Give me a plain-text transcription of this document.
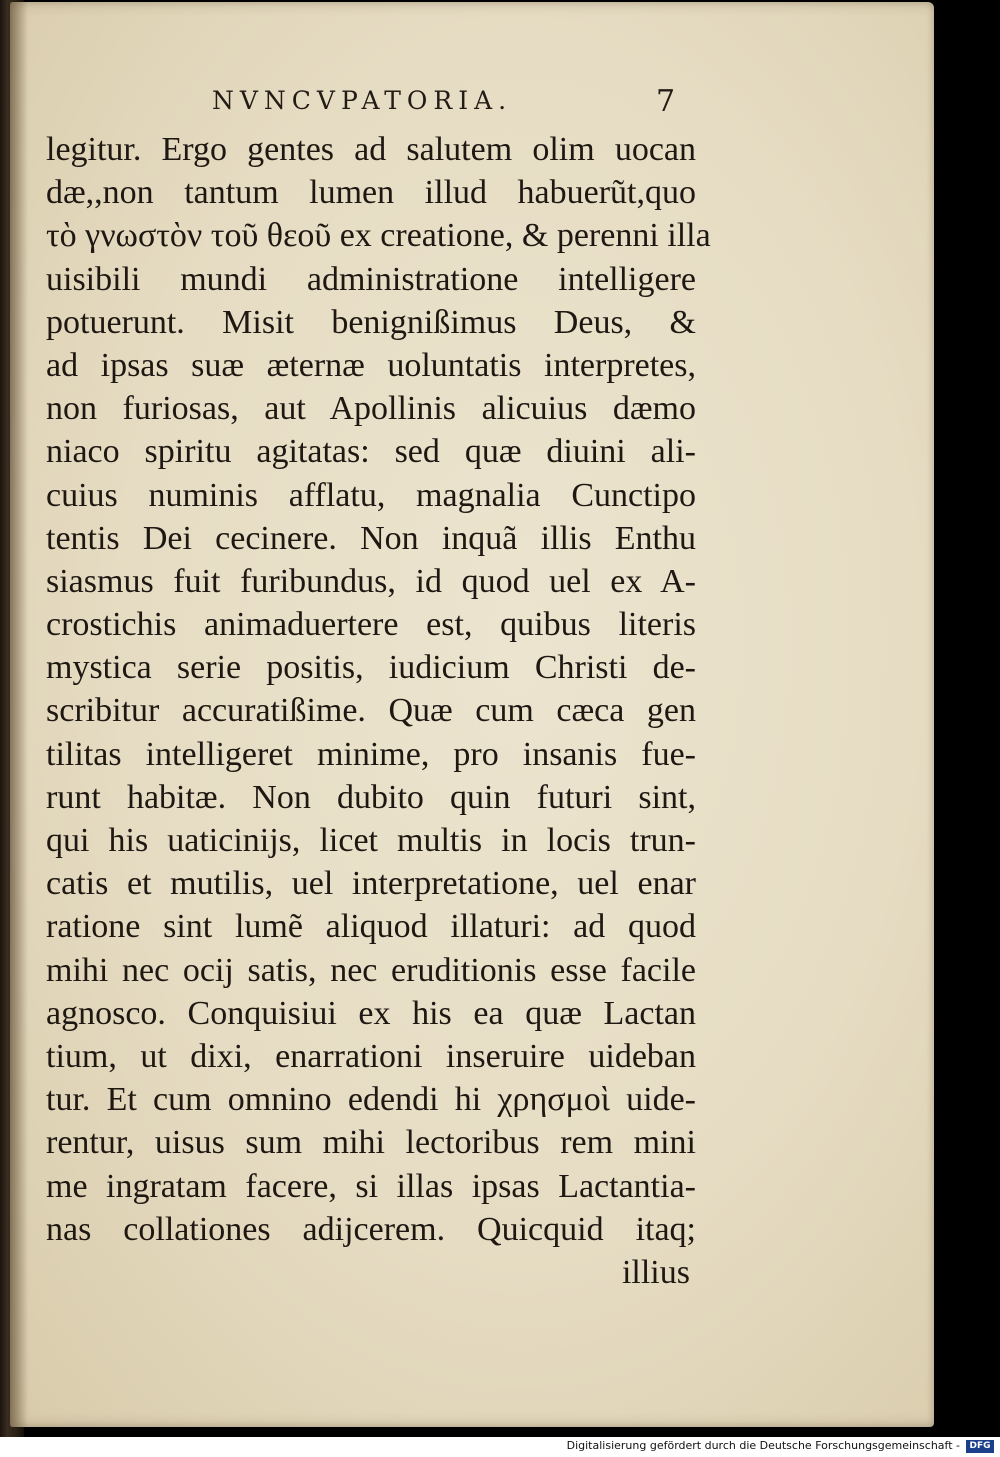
NVNCVPATORIA.	7
legitur. Ergo gentes ad salutem olim uocan
dæ,,non tantum lumen illud habuerũt,quo
τὸ γνωστὸν τοῦ θεοῦ ex creatione, & perenni illa
uisibili mundi administratione intelligere
potuerunt. Misit benignißimus Deus, &
ad ipsas suæ æternæ uoluntatis interpretes,
non furiosas, aut Apollinis alicuius dæmo
niaco spiritu agitatas: sed quæ diuini ali-
cuius numinis afflatu, magnalia Cunctipo
tentis Dei cecinere. Non inquã illis Enthu
siasmus fuit furibundus, id quod uel ex A-
crostichis animaduertere est, quibus literis
mystica serie positis, iudicium Christi de-
scribitur accuratißime. Quæ cum cæca gen
tilitas intelligeret minime, pro insanis fue-
runt habitæ. Non dubito quin futuri sint,
qui his uaticinijs, licet multis in locis trun-
catis et mutilis, uel interpretatione, uel enar
ratione sint lumẽ aliquod illaturi: ad quod
mihi nec ocij satis, nec eruditionis esse facile
agnosco. Conquisiui ex his ea quæ Lactan
tium, ut dixi, enarrationi inseruire uideban
tur. Et cum omnino edendi hi χρησμοὶ uide-
rentur, uisus sum mihi lectoribus rem mini
me ingratam facere, si illas ipsas Lactantia-
nas collationes adijcerem. Quicquid itaq;
illius
Digitalisierung gefördert durch die Deutsche Forschungsgemeinschaft -	DFG
